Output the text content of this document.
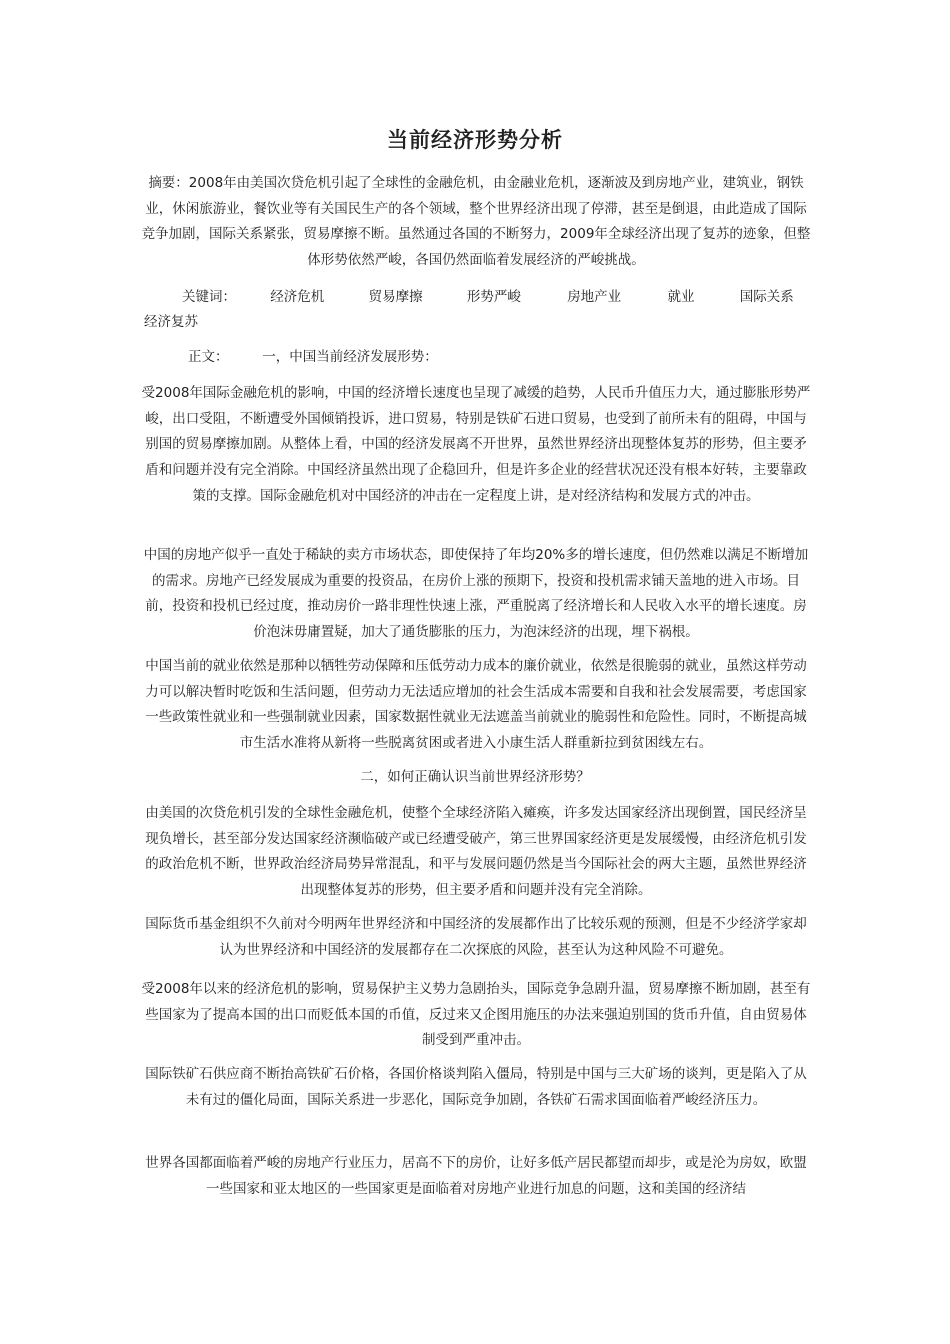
当前经济形势分析
摘要：2008年由美国次贷危机引起了全球性的金融危机，由金融业危机，逐渐波及到房地产业，建筑业，钢铁业，休闲旅游业，餐饮业等有关国民生产的各个领域，整个世界经济出现了停滞，甚至是倒退，由此造成了国际竞争加剧，国际关系紧张，贸易摩擦不断。虽然通过各国的不断努力，2009年全球经济出现了复苏的迹象，但整体形势依然严峻，各国仍然面临着发展经济的严峻挑战。
关键词：	经济危机	贸易摩擦	形势严峻	房地产业	就业	国际关系
经济复苏
正文：	一，中国当前经济发展形势：
受2008年国际金融危机的影响，中国的经济增长速度也呈现了减缓的趋势，人民币升值压力大，通过膨胀形势严峻，出口受阻，不断遭受外国倾销投诉，进口贸易，特别是铁矿石进口贸易，也受到了前所未有的阻碍，中国与别国的贸易摩擦加剧。从整体上看，中国的经济发展离不开世界，虽然世界经济出现整体复苏的形势，但主要矛盾和问题并没有完全消除。中国经济虽然出现了企稳回升，但是许多企业的经营状况还没有根本好转，主要靠政策的支撑。国际金融危机对中国经济的冲击在一定程度上讲，是对经济结构和发展方式的冲击。
中国的房地产似乎一直处于稀缺的卖方市场状态，即使保持了年均20%多的增长速度，但仍然难以满足不断增加的需求。房地产已经发展成为重要的投资品，在房价上涨的预期下，投资和投机需求铺天盖地的进入市场。目前，投资和投机已经过度，推动房价一路非理性快速上涨，严重脱离了经济增长和人民收入水平的增长速度。房价泡沫毋庸置疑，加大了通货膨胀的压力，为泡沫经济的出现，埋下祸根。
中国当前的就业依然是那种以牺牲劳动保障和压低劳动力成本的廉价就业，依然是很脆弱的就业，虽然这样劳动力可以解决暂时吃饭和生活问题，但劳动力无法适应增加的社会生活成本需要和自我和社会发展需要，考虑国家一些政策性就业和一些强制就业因素，国家数据性就业无法遮盖当前就业的脆弱性和危险性。同时，不断提高城市生活水准将从新将一些脱离贫困或者进入小康生活人群重新拉到贫困线左右。
二，如何正确认识当前世界经济形势？
由美国的次贷危机引发的全球性金融危机，使整个全球经济陷入瘫痪，许多发达国家经济出现倒置，国民经济呈现负增长，甚至部分发达国家经济濒临破产或已经遭受破产，第三世界国家经济更是发展缓慢，由经济危机引发的政治危机不断，世界政治经济局势异常混乱，和平与发展问题仍然是当今国际社会的两大主题，虽然世界经济出现整体复苏的形势，但主要矛盾和问题并没有完全消除。
国际货币基金组织不久前对今明两年世界经济和中国经济的发展都作出了比较乐观的预测，但是不少经济学家却认为世界经济和中国经济的发展都存在二次探底的风险，甚至认为这种风险不可避免。
受2008年以来的经济危机的影响，贸易保护主义势力急剧抬头，国际竞争急剧升温，贸易摩擦不断加剧，甚至有些国家为了提高本国的出口而贬低本国的币值，反过来又企图用施压的办法来强迫别国的货币升值，自由贸易体制受到严重冲击。
国际铁矿石供应商不断抬高铁矿石价格，各国价格谈判陷入僵局，特别是中国与三大矿场的谈判，更是陷入了从未有过的僵化局面，国际关系进一步恶化，国际竞争加剧，各铁矿石需求国面临着严峻经济压力。
世界各国都面临着严峻的房地产行业压力，居高不下的房价，让好多低产居民都望而却步，或是沦为房奴，欧盟一些国家和亚太地区的一些国家更是面临着对房地产业进行加息的问题，这和美国的经济结
